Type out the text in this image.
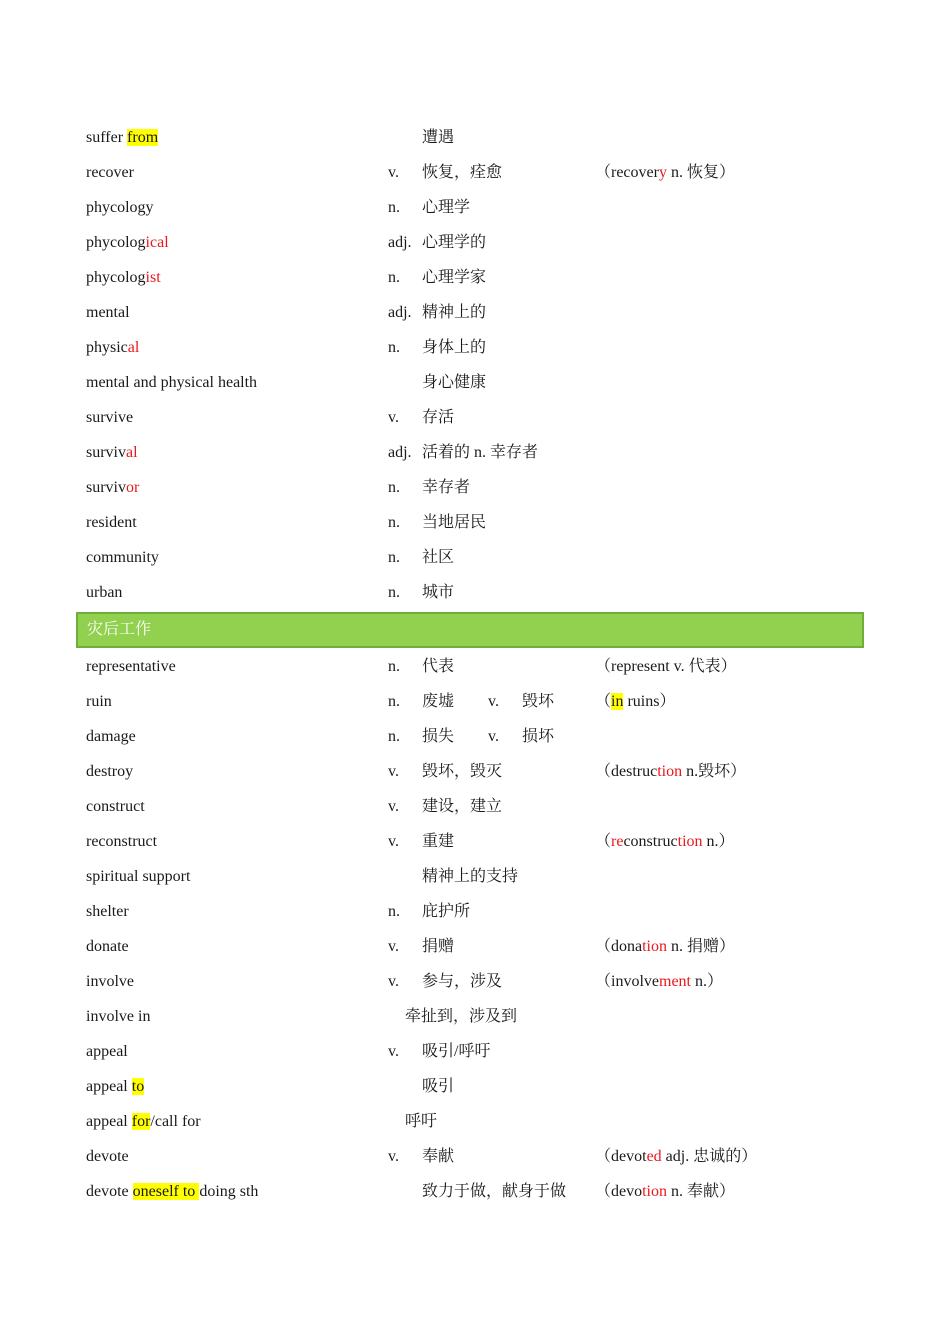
suffer from	遭遇
recover	v. 恢复，痊愈	（recovery n. 恢复）
phycology	n. 心理学
phycological	adj. 心理学的
phycologist	n. 心理学家
mental	adj. 精神上的
physical	n. 身体上的
mental and physical health	身心健康
survive	v. 存活
survival	adj. 活着的 n. 幸存者
survivor	n. 幸存者
resident	n. 当地居民
community	n. 社区
urban	n. 城市
灾后工作
representative	n. 代表	（represent v. 代表）
ruin	n. 废墟 v. 毁坏	（in ruins）
damage	n. 损失 v. 损坏
destroy	v. 毁坏，毁灭	（destruction n.毁坏）
construct	v. 建设，建立
reconstruct	v. 重建	（reconstruction n.）
spiritual support	精神上的支持
shelter	n. 庇护所
donate	v. 捐赠	（donation n. 捐赠）
involve	v. 参与，涉及	（involvement n.）
involve in	牵扯到，涉及到
appeal	v. 吸引/呼吁
appeal to	吸引
appeal for/call for	呼吁
devote	v. 奉献	（devoted adj. 忠诚的）
devote oneself to doing sth	致力于做，献身于做 （devotion n. 奉献）
